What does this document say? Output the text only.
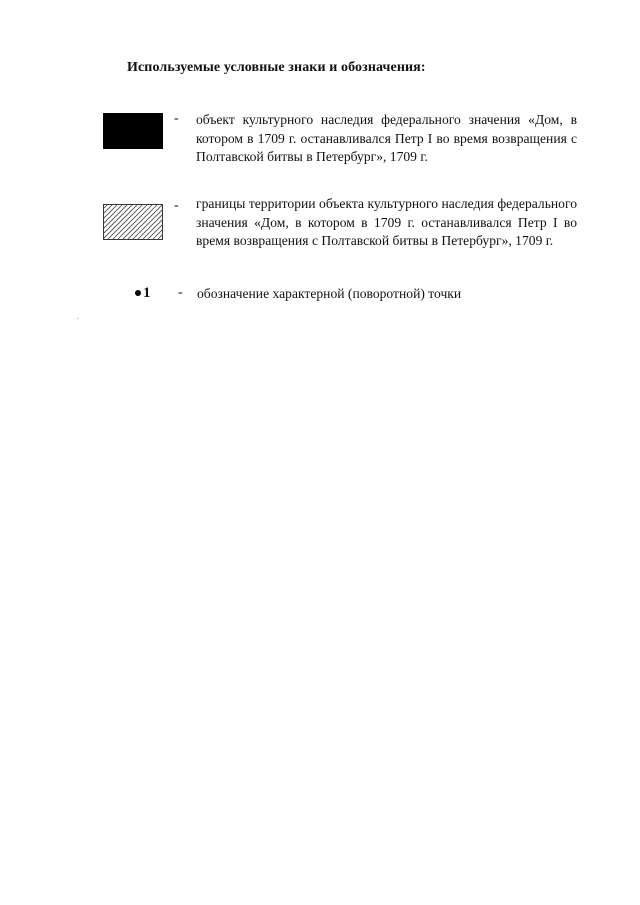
Используемые условные знаки и обозначения:
- объект культурного наследия федерального значения «Дом, в котором в 1709 г. останавливался Петр I во время возвращения с Полтавской битвы в Петербург», 1709 г.
- границы территории объекта культурного наследия федерального значения «Дом, в котором в 1709 г. останавливался Петр I во время возвращения с Полтавской битвы в Петербург», 1709 г.
1 - обозначение характерной (поворотной) точки
